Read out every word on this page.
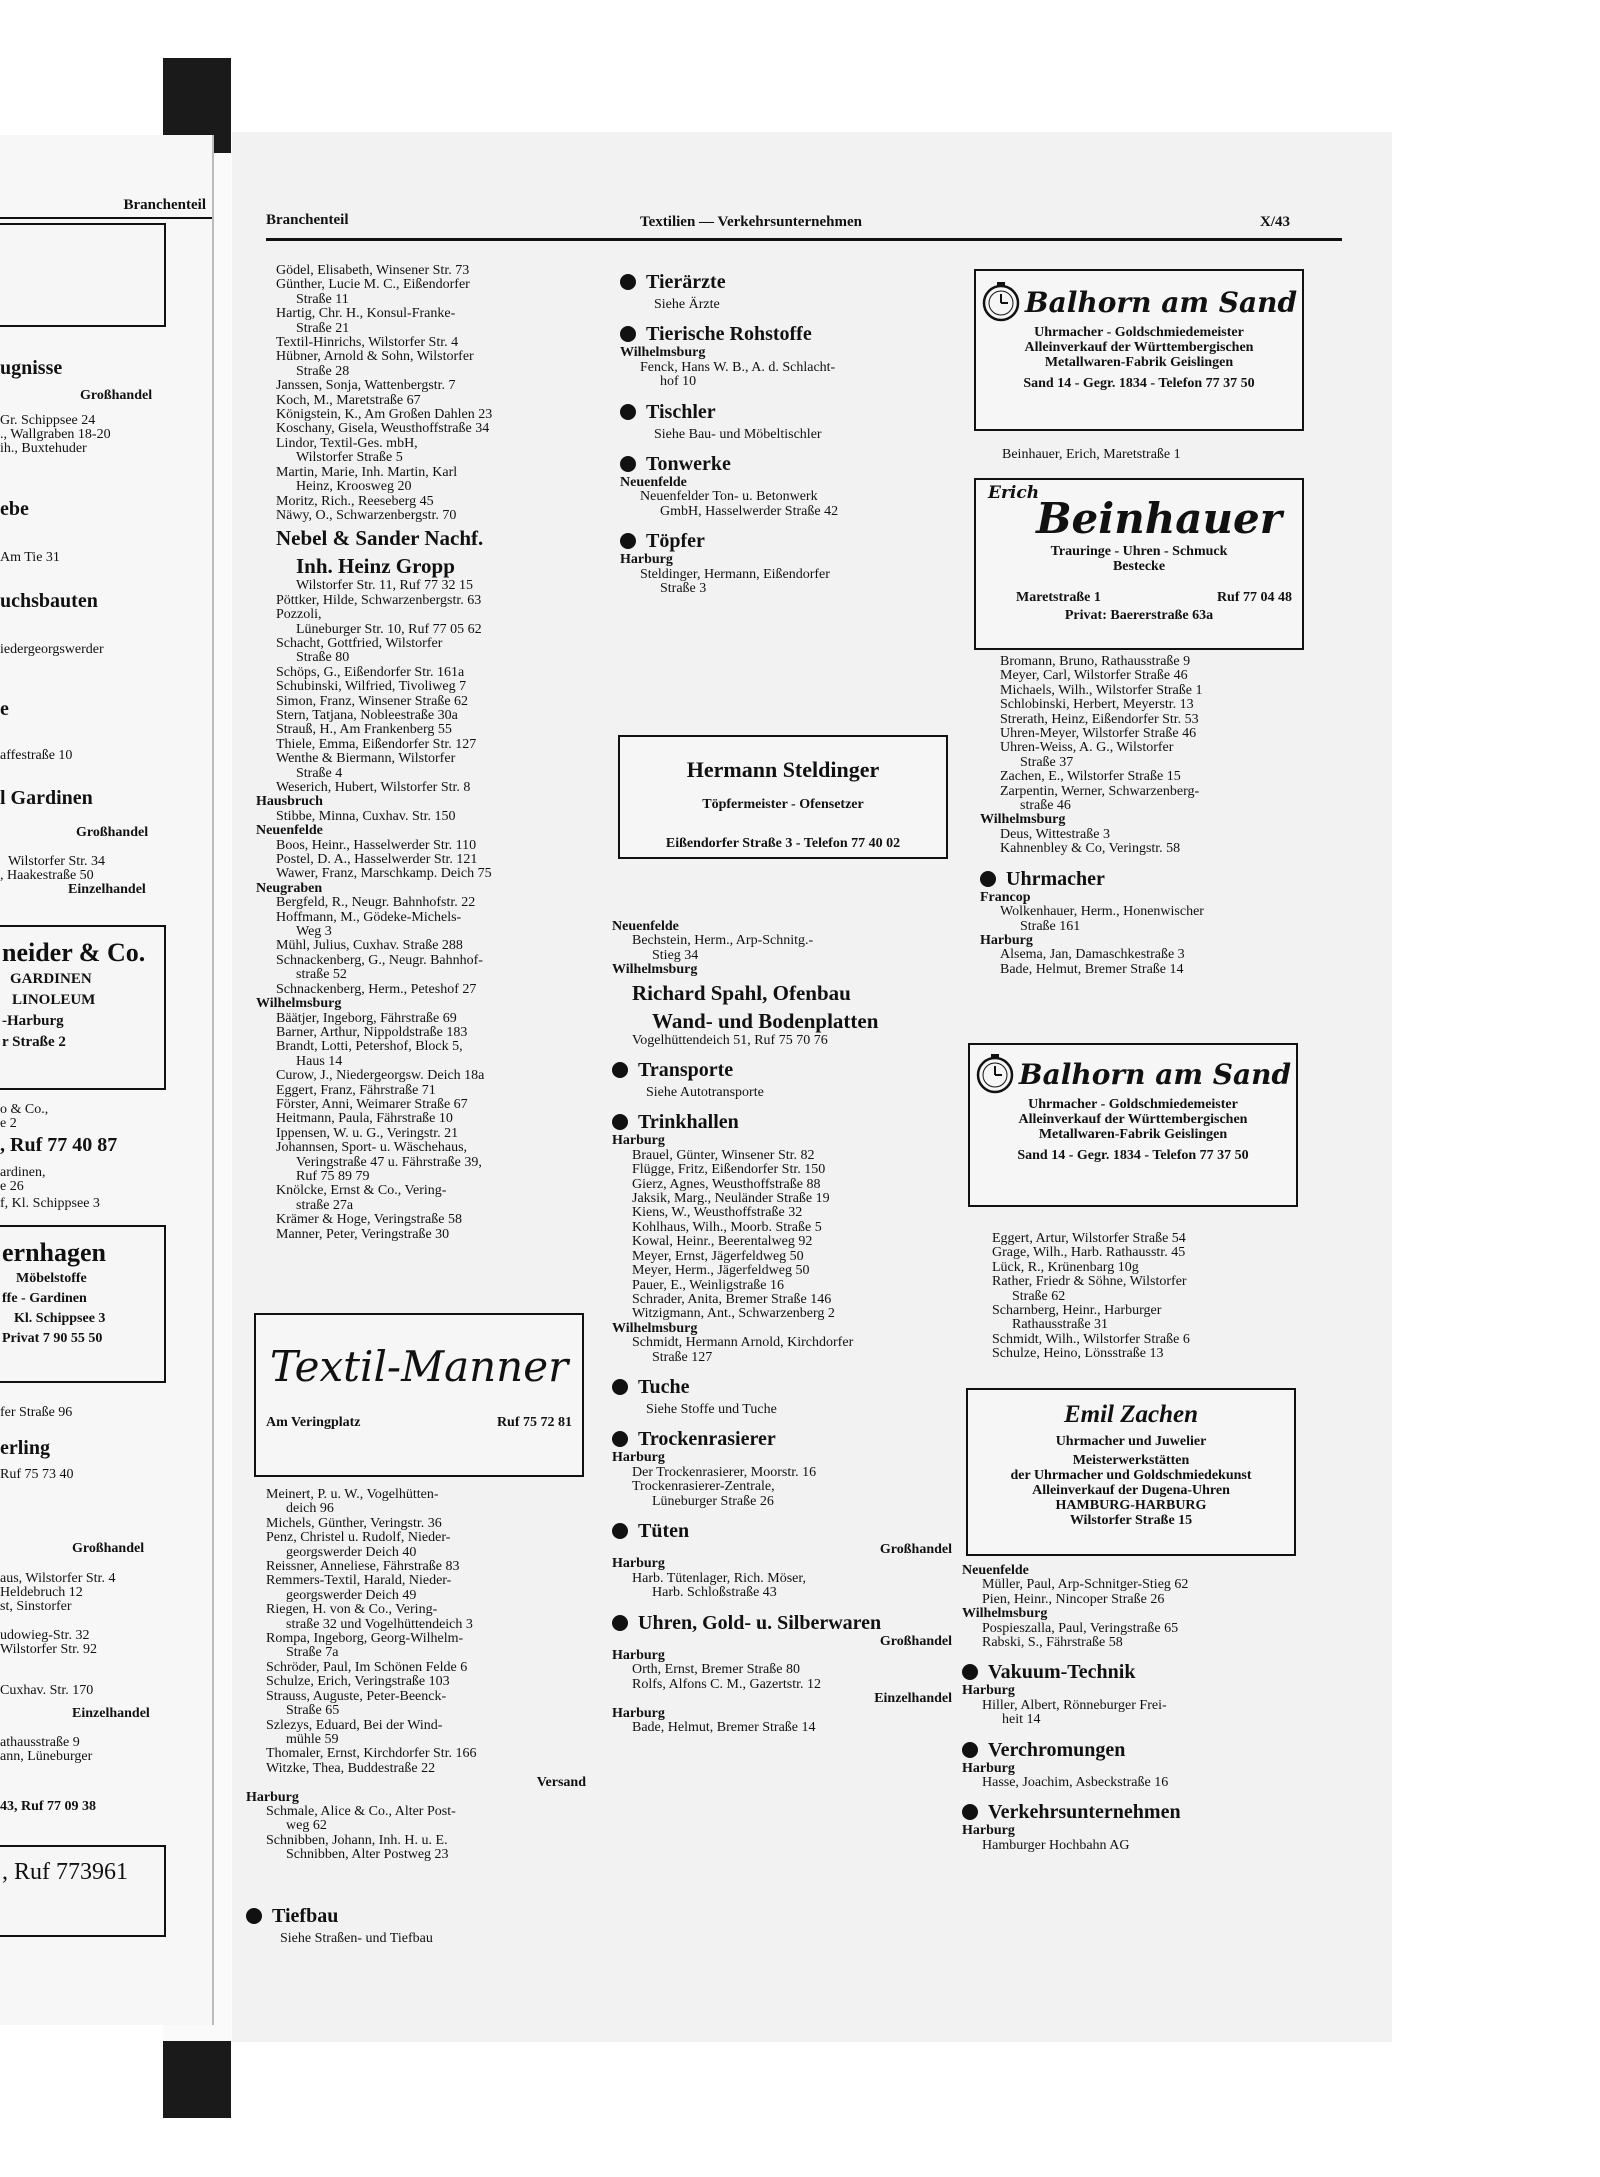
Branchenteil
ugnisse
Großhandel
Gr. Schippsee 24
., Wallgraben 18-20
ih., Buxtehuder
ebe
Am Tie 31
uchsbauten
iedergeorgswerder
e
affestraße 10
l Gardinen
Großhandel
Wilstorfer Str. 34
, Haakestraße 50
Einzelhandel
o & Co.,
e 2
, Ruf 77 40 87
ardinen,
e 26
f, Kl. Schippsee 3
fer Straße 96
erling
Ruf 75 73 40
Großhandel
aus, Wilstorfer Str. 4
Heldebruch 12
st, Sinstorfer
udowieg-Str. 32
Wilstorfer Str. 92
Cuxhav. Str. 170
Einzelhandel
athausstraße 9
ann, Lüneburger
43, Ruf 77 09 38
neider & Co.
GARDINEN
LINOLEUM
-Harburg
r Straße 2
ernhagen
Möbelstoffe
ffe - Gardinen
Kl. Schippsee 3
Privat 7 90 55 50
, Ruf 773961
Branchenteil	Textilien — Verkehrsunternehmen	X/43
Gödel, Elisabeth, Winsener Str. 73
Günther, Lucie M. C., Eißendorfer
Straße 11
Hartig, Chr. H., Konsul-Franke-
Straße 21
Textil-Hinrichs, Wilstorfer Str. 4
Hübner, Arnold & Sohn, Wilstorfer
Straße 28
Janssen, Sonja, Wattenbergstr. 7
Koch, M., Maretstraße 67
Königstein, K., Am Großen Dahlen 23
Koschany, Gisela, Weusthoffstraße 34
Lindor, Textil-Ges. mbH,
Wilstorfer Straße 5
Martin, Marie, Inh. Martin, Karl
Heinz, Kroosweg 20
Moritz, Rich., Reeseberg 45
Näwy, O., Schwarzenbergstr. 70
Nebel & Sander Nachf.
Inh. Heinz Gropp
Wilstorfer Str. 11, Ruf 77 32 15
Pöttker, Hilde, Schwarzenbergstr. 63
Pozzoli,
Lüneburger Str. 10, Ruf 77 05 62
Schacht, Gottfried, Wilstorfer
Straße 80
Schöps, G., Eißendorfer Str. 161a
Schubinski, Wilfried, Tivoliweg 7
Simon, Franz, Winsener Straße 62
Stern, Tatjana, Nobleestraße 30a
Strauß, H., Am Frankenberg 55
Thiele, Emma, Eißendorfer Str. 127
Wenthe & Biermann, Wilstorfer
Straße 4
Weserich, Hubert, Wilstorfer Str. 8
Hausbruch
Stibbe, Minna, Cuxhav. Str. 150
Neuenfelde
Boos, Heinr., Hasselwerder Str. 110
Postel, D. A., Hasselwerder Str. 121
Wawer, Franz, Marschkamp. Deich 75
Neugraben
Bergfeld, R., Neugr. Bahnhofstr. 22
Hoffmann, M., Gödeke-Michels-
Weg 3
Mühl, Julius, Cuxhav. Straße 288
Schnackenberg, G., Neugr. Bahnhof-
straße 52
Schnackenberg, Herm., Peteshof 27
Wilhelmsburg
Bäätjer, Ingeborg, Fährstraße 69
Barner, Arthur, Nippoldstraße 183
Brandt, Lotti, Petershof, Block 5,
Haus 14
Curow, J., Niedergeorgsw. Deich 18a
Eggert, Franz, Fährstraße 71
Förster, Anni, Weimarer Straße 67
Heitmann, Paula, Fährstraße 10
Ippensen, W. u. G., Veringstr. 21
Johannsen, Sport- u. Wäschehaus,
Veringstraße 47 u. Fährstraße 39,
Ruf 75 89 79
Knölcke, Ernst & Co., Vering-
straße 27a
Krämer & Hoge, Veringstraße 58
Manner, Peter, Veringstraße 30
Textil-Manner
Am Veringplatz	Ruf 75 72 81
Meinert, P. u. W., Vogelhütten-
deich 96
Michels, Günther, Veringstr. 36
Penz, Christel u. Rudolf, Nieder-
georgswerder Deich 40
Reissner, Anneliese, Fährstraße 83
Remmers-Textil, Harald, Nieder-
georgswerder Deich 49
Riegen, H. von & Co., Vering-
straße 32 und Vogelhüttendeich 3
Rompa, Ingeborg, Georg-Wilhelm-
Straße 7a
Schröder, Paul, Im Schönen Felde 6
Schulze, Erich, Veringstraße 103
Strauss, Auguste, Peter-Beenck-
Straße 65
Szlezys, Eduard, Bei der Wind-
mühle 59
Thomaler, Ernst, Kirchdorfer Str. 166
Witzke, Thea, Buddestraße 22
Versand
Harburg
Schmale, Alice & Co., Alter Post-
weg 62
Schnibben, Johann, Inh. H. u. E.
Schnibben, Alter Postweg 23
Tiefbau
Siehe Straßen- und Tiefbau
Tierärzte
Siehe Ärzte
Tierische Rohstoffe
Wilhelmsburg
Fenck, Hans W. B., A. d. Schlacht-
hof 10
Tischler
Siehe Bau- und Möbeltischler
Tonwerke
Neuenfelde
Neuenfelder Ton- u. Betonwerk
GmbH, Hasselwerder Straße 42
Töpfer
Harburg
Steldinger, Hermann, Eißendorfer
Straße 3
Hermann Steldinger
Töpfermeister - Ofensetzer
Eißendorfer Straße 3 - Telefon 77 40 02
Neuenfelde
Bechstein, Herm., Arp-Schnitg.-
Stieg 34
Wilhelmsburg
Richard Spahl, Ofenbau
Wand- und Bodenplatten
Vogelhüttendeich 51, Ruf 75 70 76
Transporte
Siehe Autotransporte
Trinkhallen
Harburg
Brauel, Günter, Winsener Str. 82
Flügge, Fritz, Eißendorfer Str. 150
Gierz, Agnes, Weusthoffstraße 88
Jaksik, Marg., Neuländer Straße 19
Kiens, W., Weusthoffstraße 32
Kohlhaus, Wilh., Moorb. Straße 5
Kowal, Heinr., Beerentalweg 92
Meyer, Ernst, Jägerfeldweg 50
Meyer, Herm., Jägerfeldweg 50
Pauer, E., Weinligstraße 16
Schrader, Anita, Bremer Straße 146
Witzigmann, Ant., Schwarzenberg 2
Wilhelmsburg
Schmidt, Hermann Arnold, Kirchdorfer
Straße 127
Tuche
Siehe Stoffe und Tuche
Trockenrasierer
Harburg
Der Trockenrasierer, Moorstr. 16
Trockenrasierer-Zentrale,
Lüneburger Straße 26
Tüten
Großhandel
Harburg
Harb. Tütenlager, Rich. Möser,
Harb. Schloßstraße 43
Uhren, Gold- u. Silberwaren
Großhandel
Harburg
Orth, Ernst, Bremer Straße 80
Rolfs, Alfons C. M., Gazertstr. 12
Einzelhandel
Harburg
Bade, Helmut, Bremer Straße 14
Balhorn am Sand
Uhrmacher - Goldschmiedemeister
Alleinverkauf der Württembergischen
Metallwaren-Fabrik Geislingen
Sand 14 - Gegr. 1834 - Telefon 77 37 50
Beinhauer, Erich, Maretstraße 1
Erich
Beinhauer
Trauringe - Uhren - Schmuck
Bestecke
Maretstraße 1	Ruf 77 04 48
Privat: Baererstraße 63a
Bromann, Bruno, Rathausstraße 9
Meyer, Carl, Wilstorfer Straße 46
Michaels, Wilh., Wilstorfer Straße 1
Schlobinski, Herbert, Meyerstr. 13
Strerath, Heinz, Eißendorfer Str. 53
Uhren-Meyer, Wilstorfer Straße 46
Uhren-Weiss, A. G., Wilstorfer
Straße 37
Zachen, E., Wilstorfer Straße 15
Zarpentin, Werner, Schwarzenberg-
straße 46
Wilhelmsburg
Deus, Wittestraße 3
Kahnenbley & Co, Veringstr. 58
Uhrmacher
Francop
Wolkenhauer, Herm., Honenwischer
Straße 161
Harburg
Alsema, Jan, Damaschkestraße 3
Bade, Helmut, Bremer Straße 14
Balhorn am Sand
Uhrmacher - Goldschmiedemeister
Alleinverkauf der Württembergischen
Metallwaren-Fabrik Geislingen
Sand 14 - Gegr. 1834 - Telefon 77 37 50
Eggert, Artur, Wilstorfer Straße 54
Grage, Wilh., Harb. Rathausstr. 45
Lück, R., Krünenbarg 10g
Rather, Friedr & Söhne, Wilstorfer
Straße 62
Scharnberg, Heinr., Harburger
Rathausstraße 31
Schmidt, Wilh., Wilstorfer Straße 6
Schulze, Heino, Lönsstraße 13
Emil Zachen
Uhrmacher und Juwelier
Meisterwerkstätten
der Uhrmacher und Goldschmiedekunst
Alleinverkauf der Dugena-Uhren
HAMBURG-HARBURG
Wilstorfer Straße 15
Neuenfelde
Müller, Paul, Arp-Schnitger-Stieg 62
Pien, Heinr., Nincoper Straße 26
Wilhelmsburg
Pospieszalla, Paul, Veringstraße 65
Rabski, S., Fährstraße 58
Vakuum-Technik
Harburg
Hiller, Albert, Rönneburger Frei-
heit 14
Verchromungen
Harburg
Hasse, Joachim, Asbeckstraße 16
Verkehrsunternehmen
Harburg
Hamburger Hochbahn AG
